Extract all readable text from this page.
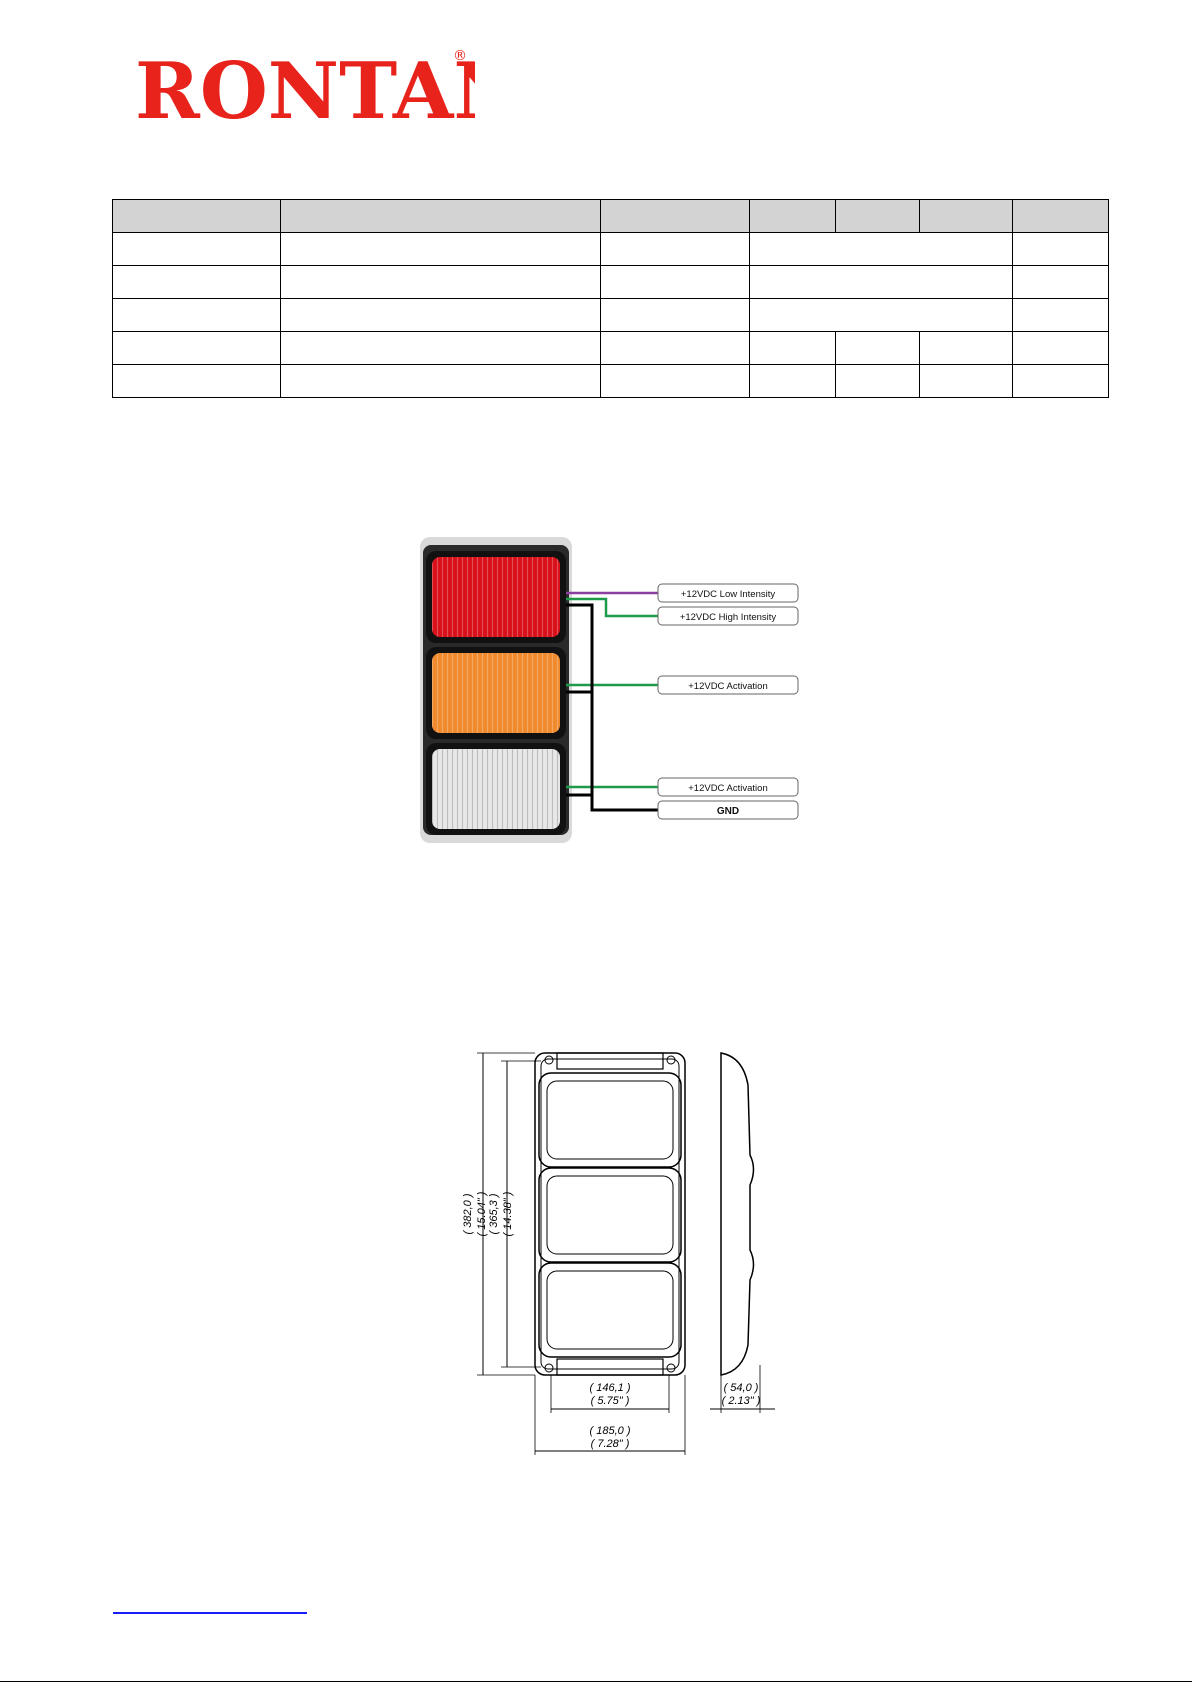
RONTA ®

+12VDC Low Intensity
+12VDC High Intensity
+12VDC Activation
+12VDC Activation
GND
( 382,0 ) ( 15.04" ) ( 365,3 ) ( 14.38" )
( 146,1 )
( 5.75" )
( 185,0 )
( 7.28" )
( 54,0 )
( 2.13" )
